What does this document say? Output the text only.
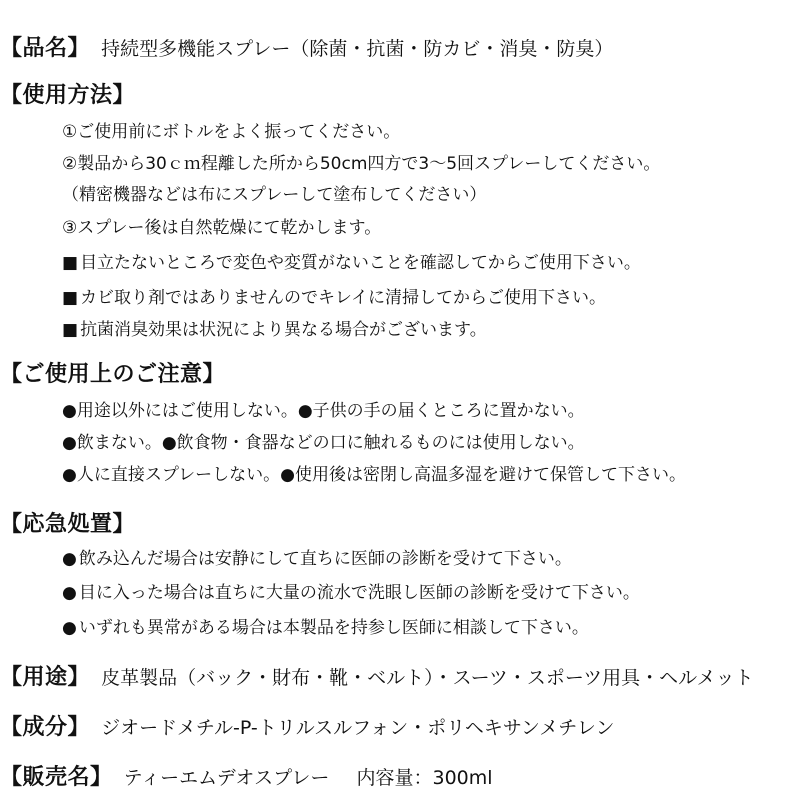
【品名】 持続型多機能スプレー（除菌・抗菌・防カビ・消臭・防臭）
【使用方法】
①ご使用前にボトルをよく振ってください。
②製品から30ｃｍ程離した所から50cm四方で3～5回スプレーしてください。
（精密機器などは布にスプレーして塗布してください）
③スプレー後は自然乾燥にて乾かします。
■ 目立たないところで変色や変質がないことを確認してからご使用下さい。
■ カビ取り剤ではありませんのでキレイに清掃してからご使用下さい。
■ 抗菌消臭効果は状況により異なる場合がございます。
【ご使用上のご注意】
●用途以外にはご使用しない。●子供の手の届くところに置かない。
●飲まない。●飲食物・食器などの口に触れるものには使用しない。
●人に直接スプレーしない。●使用後は密閉し高温多湿を避けて保管して下さい。
【応急処置】
● 飲み込んだ場合は安静にして直ちに医師の診断を受けて下さい。
● 目に入った場合は直ちに大量の流水で洗眼し医師の診断を受けて下さい。
● いずれも異常がある場合は本製品を持参し医師に相談して下さい。
【用途】 皮革製品（バック・財布・靴・ベルト）・スーツ・スポーツ用具・ヘルメット
【成分】 ジオードメチル-P-トリルスルフォン・ポリヘキサンメチレン
【販売名】 ティーエムデオスプレー 内容量：300ml
